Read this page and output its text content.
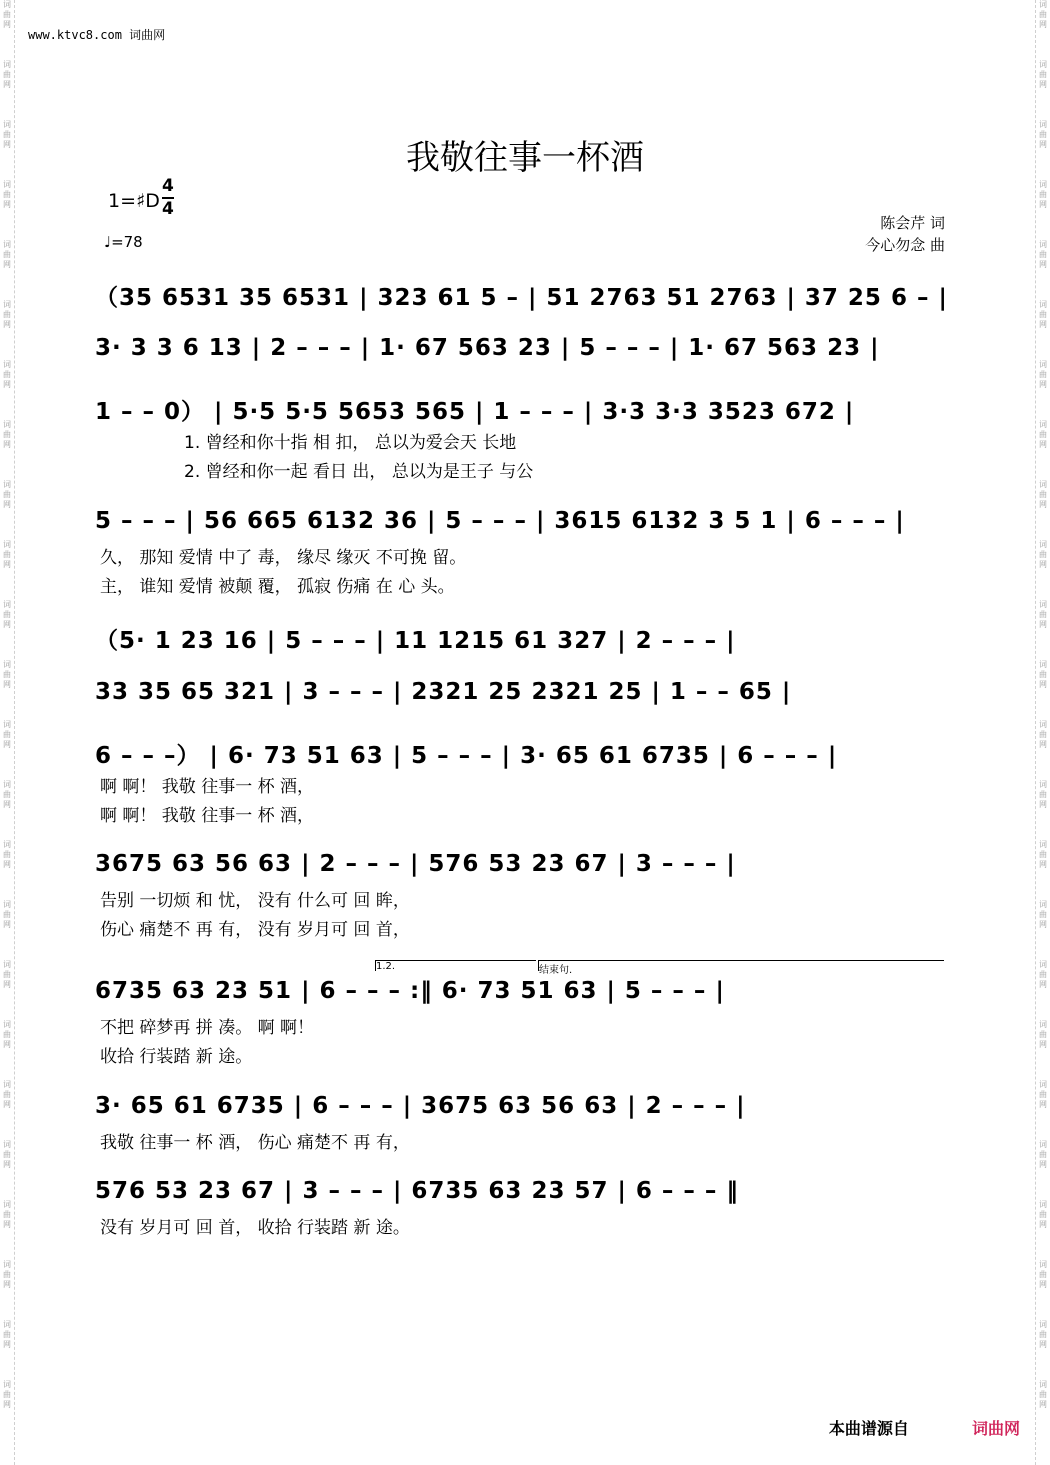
词
曲
网
词
曲
网
词
曲
网
词
曲
网
词
曲
网
词
曲
网
词
曲
网
词
曲
网
词
曲
网
词
曲
网
词
曲
网
词
曲
网
词
曲
网
词
曲
网
词
曲
网
词
曲
网
词
曲
网
词
曲
网
词
曲
网
词
曲
网
词
曲
网
词
曲
网
词
曲
网
词
曲
网
词
曲
网
词
曲
网
词
曲
网
词
曲
网
词
曲
网
词
曲
网
词
曲
网
词
曲
网
词
曲
网
词
曲
网
词
曲
网
词
曲
网
词
曲
网
词
曲
网
词
曲
网
词
曲
网
词
曲
网
词
曲
网
词
曲
网
词
曲
网
词
曲
网
词
曲
网
词
曲
网
词
曲
网
www.ktvc8.com 词曲网
我敬往事一杯酒
1=♯D
4
4
♩=78
陈会芹 词
今心勿念 曲
（35 6531 35 6531 | 323 61 5 – | 51 2763 51 2763 | 37 25 6 – |
3· 3 3 6 13 | 2 – – – | 1· 67 563 23 | 5 – – – | 1· 67 563 23 |
1 – – 0） | 5·5 5·5 5653 565 | 1 – – – | 3·3 3·3 3523 672 |
5 – – – | 56 665 6132 36 | 5 – – – | 3615 6132 3 5 1 | 6 – – – |
（5· 1 23 16 | 5 – – – | 11 1215 61 327 | 2 – – – |
33 35 65 321 | 3 – – – | 2321 25 2321 25 | 1 – – 65 |
6 – – –） | 6· 73 51 63 | 5 – – – | 3· 65 61 6735 | 6 – – – |
3675 63 56 63 | 2 – – – | 576 53 23 67 | 3 – – – |
6735 63 23 51 | 6 – – – :‖ 6· 73 51 63 | 5 – – – |
3· 65 61 6735 | 6 – – – | 3675 63 56 63 | 2 – – – |
576 53 23 67 | 3 – – – | 6735 63 23 57 | 6 – – – ‖
1. 曾经和你十指 相 扣， 总以为爱会天 长地
2. 曾经和你一起 看日 出， 总以为是王子 与公
久， 那知 爱情 中了 毒， 缘尽 缘灭 不可挽 留。
主， 谁知 爱情 被颠 覆， 孤寂 伤痛 在 心 头。
啊 啊！ 我敬 往事一 杯 酒，
啊 啊！ 我敬 往事一 杯 酒，
告别 一切烦 和 忧， 没有 什么可 回 眸，
伤心 痛楚不 再 有， 没有 岁月可 回 首，
不把 碎梦再 拼 凑。 啊 啊！
收拾 行装踏 新 途。
我敬 往事一 杯 酒， 伤心 痛楚不 再 有，
没有 岁月可 回 首， 收拾 行装踏 新 途。
1.2.	结束句.
本曲谱源自	词曲网
